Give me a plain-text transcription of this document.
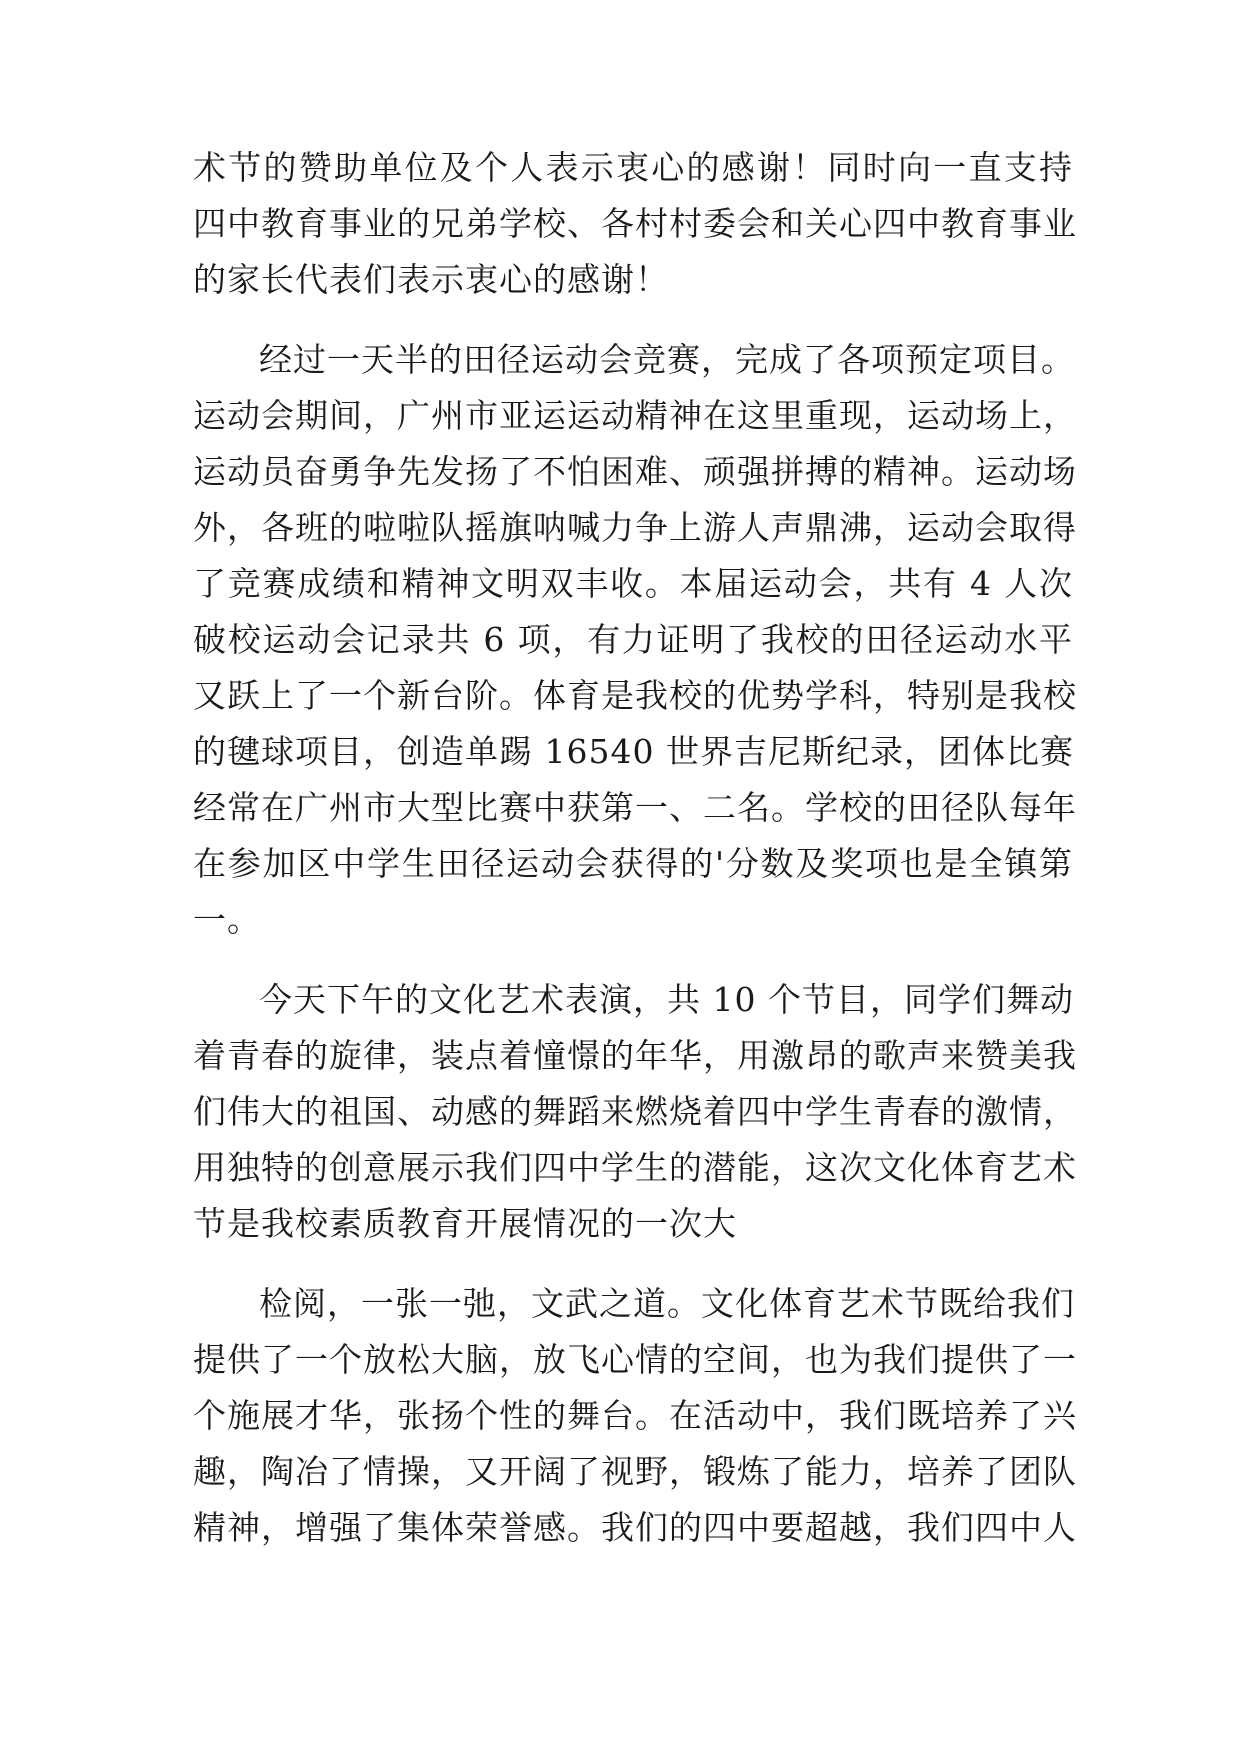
术节的赞助单位及个人表示衷心的感谢！同时向一直支持
四中教育事业的兄弟学校、各村村委会和关心四中教育事业
的家长代表们表示衷心的感谢！
经过一天半的田径运动会竞赛，完成了各项预定项目。
运动会期间，广州市亚运运动精神在这里重现，运动场上，
运动员奋勇争先发扬了不怕困难、顽强拼搏的精神。运动场
外，各班的啦啦队摇旗呐喊力争上游人声鼎沸，运动会取得
了竞赛成绩和精神文明双丰收。本届运动会，共有 4 人次
破校运动会记录共 6 项，有力证明了我校的田径运动水平
又跃上了一个新台阶。体育是我校的优势学科，特别是我校
的毽球项目，创造单踢 16540 世界吉尼斯纪录，团体比赛
经常在广州市大型比赛中获第一、二名。学校的田径队每年
在参加区中学生田径运动会获得的'分数及奖项也是全镇第
一。
今天下午的文化艺术表演，共 10 个节目，同学们舞动
着青春的旋律，装点着憧憬的年华，用激昂的歌声来赞美我
们伟大的祖国、动感的舞蹈来燃烧着四中学生青春的激情，
用独特的创意展示我们四中学生的潜能，这次文化体育艺术
节是我校素质教育开展情况的一次大
检阅，一张一弛，文武之道。文化体育艺术节既给我们
提供了一个放松大脑，放飞心情的空间，也为我们提供了一
个施展才华，张扬个性的舞台。在活动中，我们既培养了兴
趣，陶冶了情操，又开阔了视野，锻炼了能力，培养了团队
精神，增强了集体荣誉感。我们的四中要超越，我们四中人
